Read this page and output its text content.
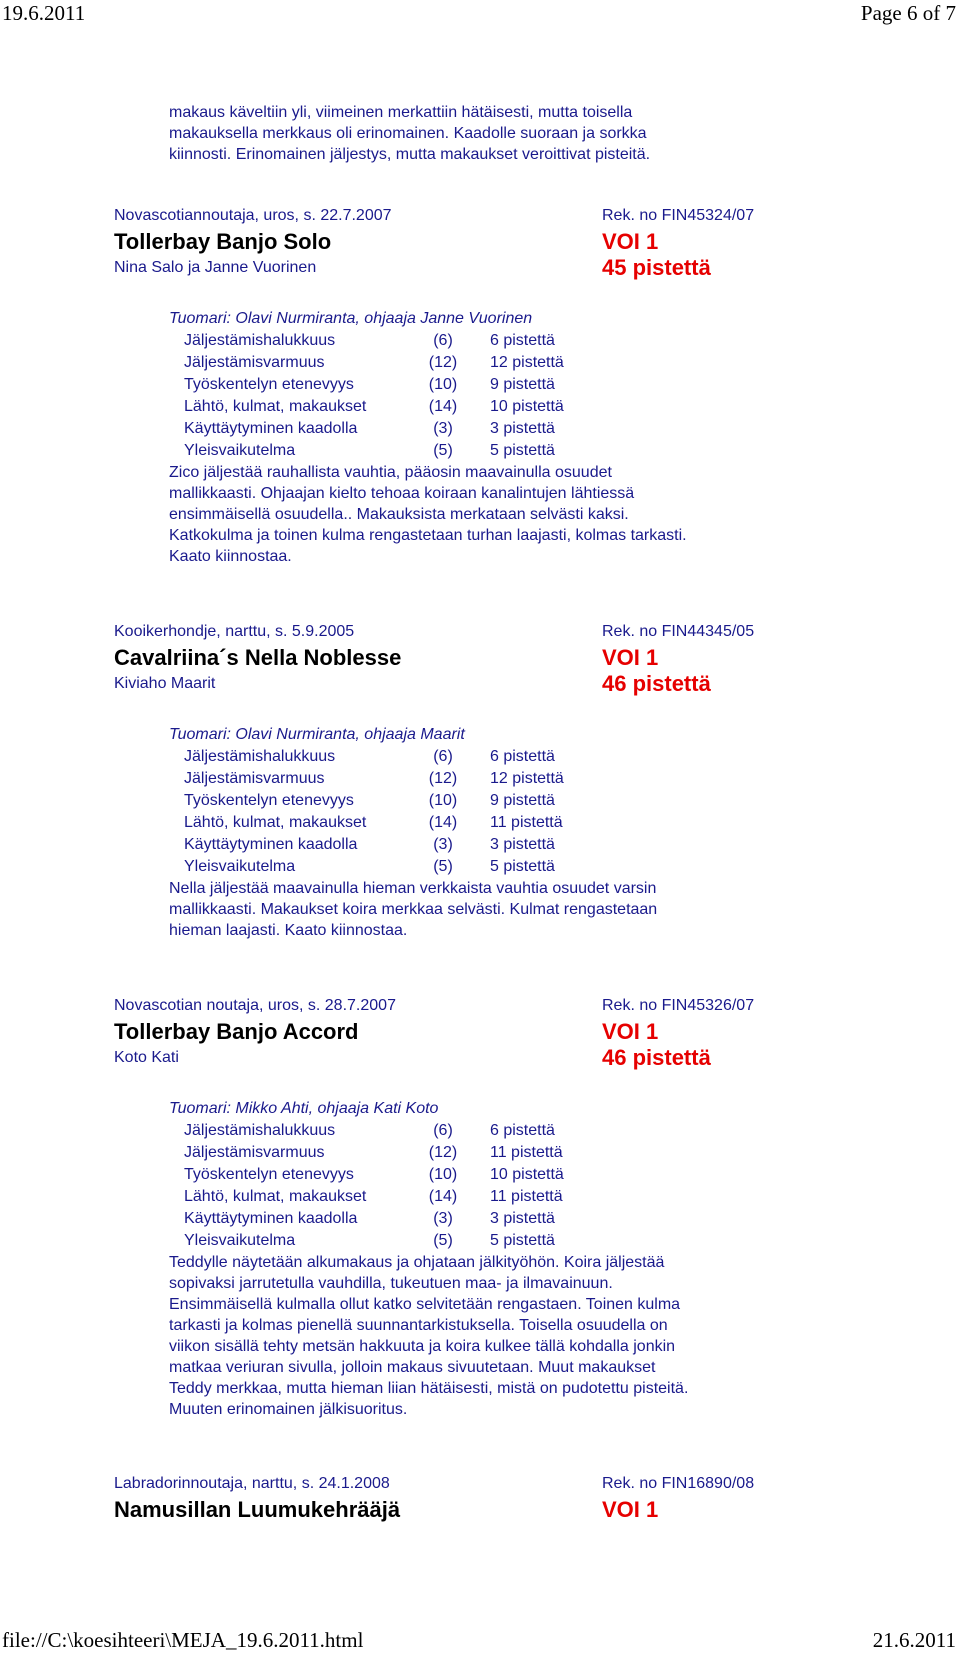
19.6.2011	Page 6 of 7
makaus käveltiin yli, viimeinen merkattiin hätäisesti, mutta toisella
makauksella merkkaus oli erinomainen. Kaadolle suoraan ja sorkka
kiinnosti. Erinomainen jäljestys, mutta makaukset veroittivat pisteitä.
Novascotiannoutaja, uros, s. 22.7.2007	Rek. no FIN45324/07
Tollerbay Banjo Solo	VOI 1
Nina Salo ja Janne Vuorinen	45 pistettä
Tuomari: Olavi Nurmiranta, ohjaaja Janne Vuorinen
Jäljestämishalukkuus	(6)	6 pistettä
Jäljestämisvarmuus	(12) 12 pistettä
Työskentelyn etenevyys	(10) 9 pistettä
Lähtö, kulmat, makaukset	(14) 10 pistettä
Käyttäytyminen kaadolla	(3)	3 pistettä
Yleisvaikutelma	(5)	5 pistettä
Zico jäljestää rauhallista vauhtia, pääosin maavainulla osuudet
mallikkaasti. Ohjaajan kielto tehoaa koiraan kanalintujen lähtiessä
ensimmäisellä osuudella.. Makauksista merkataan selvästi kaksi.
Katkokulma ja toinen kulma rengastetaan turhan laajasti, kolmas tarkasti.
Kaato kiinnostaa.
Kooikerhondje, narttu, s. 5.9.2005	Rek. no FIN44345/05
Cavalriina´s Nella Noblesse	VOI 1
Kiviaho Maarit	46 pistettä
Tuomari: Olavi Nurmiranta, ohjaaja Maarit
Jäljestämishalukkuus	(6)	6 pistettä
Jäljestämisvarmuus	(12) 12 pistettä
Työskentelyn etenevyys	(10) 9 pistettä
Lähtö, kulmat, makaukset	(14) 11 pistettä
Käyttäytyminen kaadolla	(3)	3 pistettä
Yleisvaikutelma	(5)	5 pistettä
Nella jäljestää maavainulla hieman verkkaista vauhtia osuudet varsin
mallikkaasti. Makaukset koira merkkaa selvästi. Kulmat rengastetaan
hieman laajasti. Kaato kiinnostaa.
Novascotian noutaja, uros, s. 28.7.2007	Rek. no FIN45326/07
Tollerbay Banjo Accord	VOI 1
Koto Kati	46 pistettä
Tuomari: Mikko Ahti, ohjaaja Kati Koto
Jäljestämishalukkuus	(6)	6 pistettä
Jäljestämisvarmuus	(12) 11 pistettä
Työskentelyn etenevyys	(10) 10 pistettä
Lähtö, kulmat, makaukset	(14) 11 pistettä
Käyttäytyminen kaadolla	(3)	3 pistettä
Yleisvaikutelma	(5)	5 pistettä
Teddylle näytetään alkumakaus ja ohjataan jälkityöhön. Koira jäljestää
sopivaksi jarrutetulla vauhdilla, tukeutuen maa- ja ilmavainuun.
Ensimmäisellä kulmalla ollut katko selvitetään rengastaen. Toinen kulma
tarkasti ja kolmas pienellä suunnantarkistuksella. Toisella osuudella on
viikon sisällä tehty metsän hakkuuta ja koira kulkee tällä kohdalla jonkin
matkaa veriuran sivulla, jolloin makaus sivuutetaan. Muut makaukset
Teddy merkkaa, mutta hieman liian hätäisesti, mistä on pudotettu pisteitä.
Muuten erinomainen jälkisuoritus.
Labradorinnoutaja, narttu, s. 24.1.2008	Rek. no FIN16890/08
Namusillan Luumukehrääjä	VOI 1
file://C:\koesihteeri\MEJA_19.6.2011.html	21.6.2011
